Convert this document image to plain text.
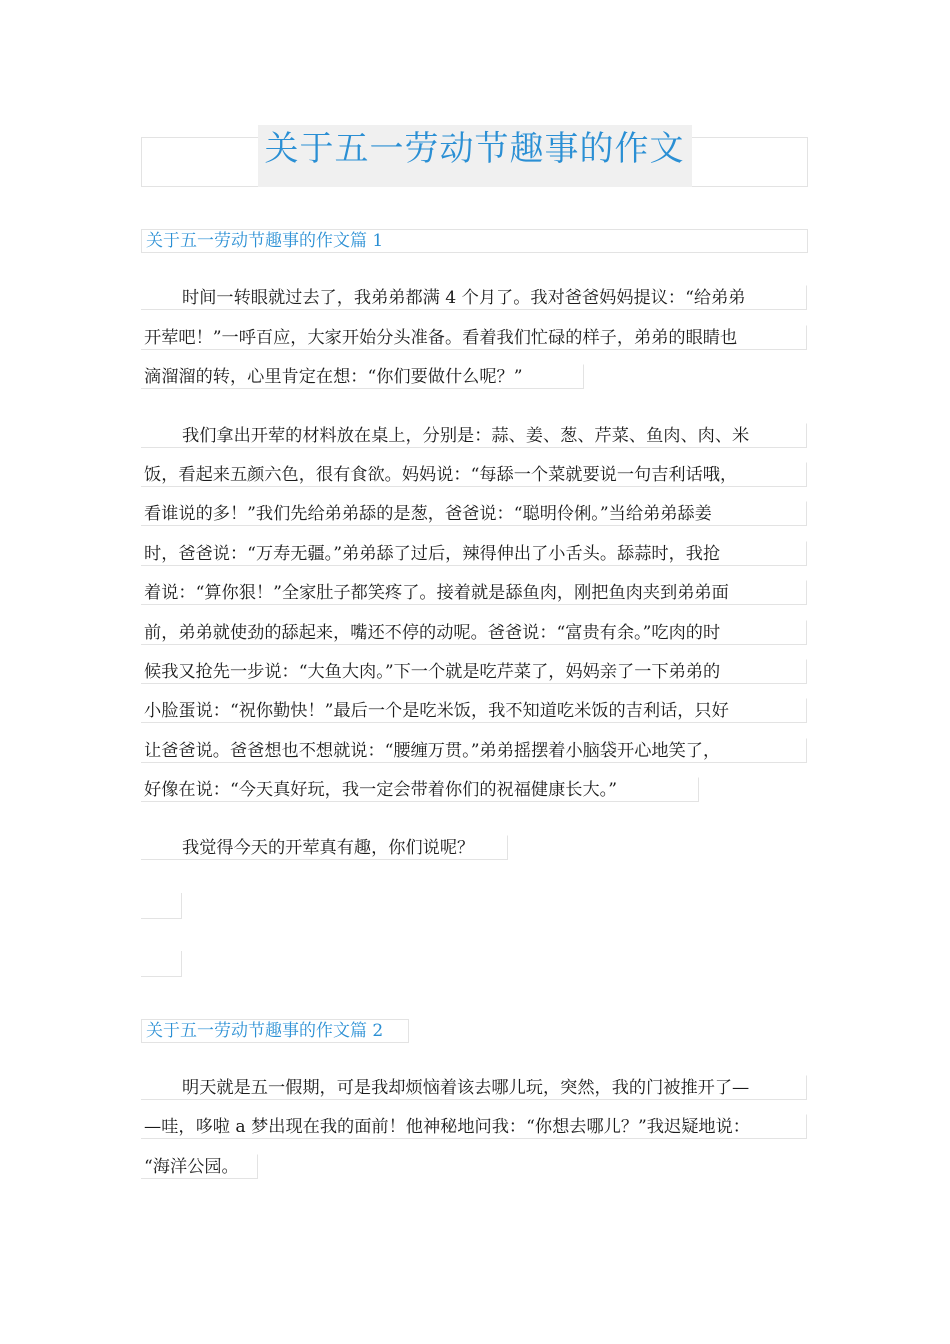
关于五一劳动节趣事的作文
关于五一劳动节趣事的作文篇 1
时间一转眼就过去了，我弟弟都满 4 个月了。我对爸爸妈妈提议：“给弟弟
开荤吧！”一呼百应，大家开始分头准备。看着我们忙碌的样子，弟弟的眼睛也
滴溜溜的转，心里肯定在想：“你们要做什么呢？”
我们拿出开荤的材料放在桌上，分别是：蒜、姜、葱、芹菜、鱼肉、肉、米
饭，看起来五颜六色，很有食欲。妈妈说：“每舔一个菜就要说一句吉利话哦，
看谁说的多！”我们先给弟弟舔的是葱，爸爸说：“聪明伶俐。”当给弟弟舔姜
时，爸爸说：“万寿无疆。”弟弟舔了过后，辣得伸出了小舌头。舔蒜时，我抢
着说：“算你狠！”全家肚子都笑疼了。接着就是舔鱼肉，刚把鱼肉夹到弟弟面
前，弟弟就使劲的舔起来，嘴还不停的动呢。爸爸说：“富贵有余。”吃肉的时
候我又抢先一步说：“大鱼大肉。”下一个就是吃芹菜了，妈妈亲了一下弟弟的
小脸蛋说：“祝你勤快！”最后一个是吃米饭，我不知道吃米饭的吉利话，只好
让爸爸说。爸爸想也不想就说：“腰缠万贯。”弟弟摇摆着小脑袋开心地笑了，
好像在说：“今天真好玩，我一定会带着你们的祝福健康长大。”
我觉得今天的开荤真有趣，你们说呢？
关于五一劳动节趣事的作文篇 2
明天就是五一假期，可是我却烦恼着该去哪儿玩，突然，我的门被推开了—
—哇，哆啦 a 梦出现在我的面前！他神秘地问我：“你想去哪儿？”我迟疑地说：
“海洋公园。
